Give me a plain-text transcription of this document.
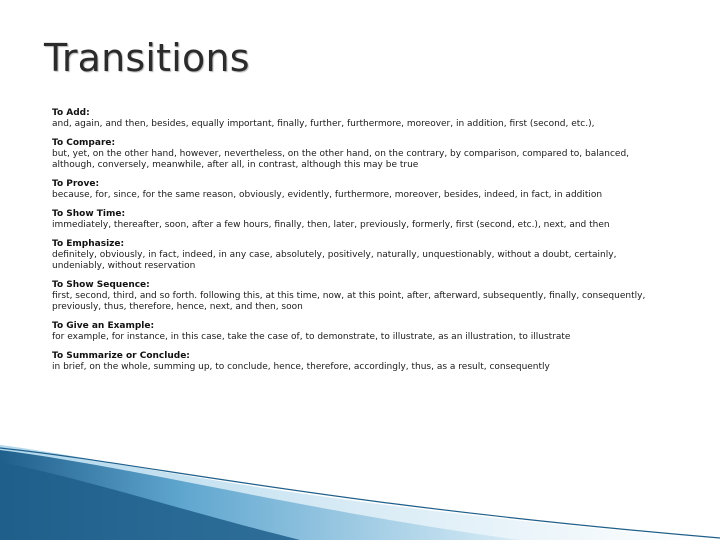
Transitions
To Add:
and, again, and then, besides, equally important, finally, further, furthermore, moreover, in addition, first (second, etc.),
To Compare:
but, yet, on the other hand, however, nevertheless, on the other hand, on the contrary, by comparison, compared to, balanced, although, conversely, meanwhile, after all, in contrast, although this may be true
To Prove:
because, for, since, for the same reason, obviously, evidently, furthermore, moreover, besides, indeed, in fact, in addition
To Show Time:
immediately, thereafter, soon, after a few hours, finally, then, later, previously, formerly, first (second, etc.), next, and then
To Emphasize:
definitely, obviously, in fact, indeed, in any case, absolutely, positively, naturally, unquestionably, without a doubt, certainly, undeniably, without reservation
To Show Sequence:
first, second, third, and so forth. following this, at this time, now, at this point, after, afterward, subsequently, finally, consequently, previously, thus, therefore, hence, next, and then, soon
To Give an Example:
for example, for instance, in this case, take the case of, to demonstrate, to illustrate, as an illustration, to illustrate
To Summarize or Conclude:
in brief, on the whole, summing up, to conclude, hence, therefore, accordingly, thus, as a result, consequently
